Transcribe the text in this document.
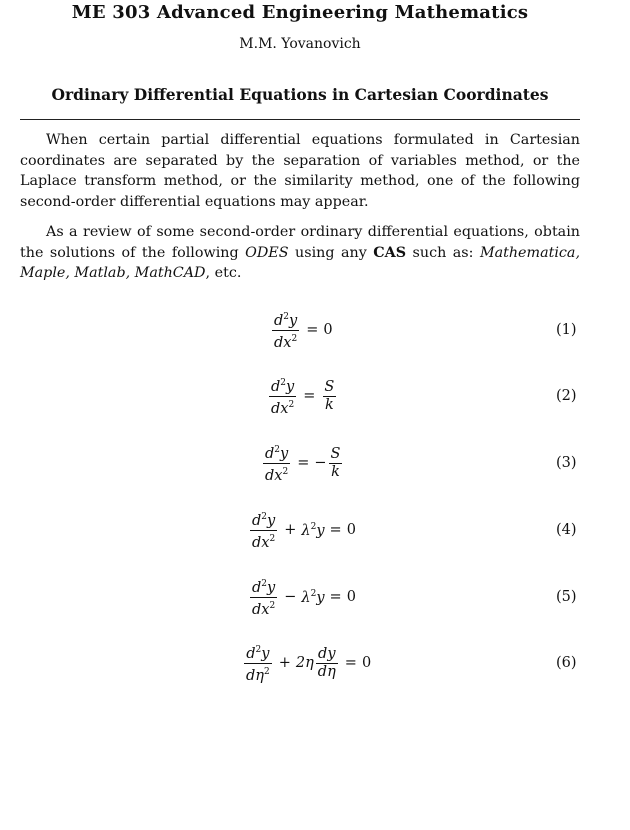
ME 303 Advanced Engineering Mathematics
M.M. Yovanovich
Ordinary Differential Equations in Cartesian Coordinates

When certain partial differential equations formulated in Cartesian coordinates are separated by the separation of variables method, or the Laplace transform method, or the similarity method, one of the following second-order differential equations may appear.

As a review of some second-order ordinary differential equations, obtain the solutions of the following ODES using any CAS such as: Mathematica, Maple, Matlab, MathCAD, etc.

$\frac{d^2y}{dx^2} = 0$	(1)
$\frac{d^2y}{dx^2} = \frac{S}{k}$	(2)
$\frac{d^2y}{dx^2}$ = − $\frac{S}{k}$	(3)
$\frac{d^2y}{dx^2} + \lambda^2y = 0$	(4)
$\frac{d^2y}{dx^2} - \lambda^2y = 0$	(5)
$\frac{d^2y}{d\eta^2} + 2\eta \frac{dy}{d\eta} = 0$	(6)
